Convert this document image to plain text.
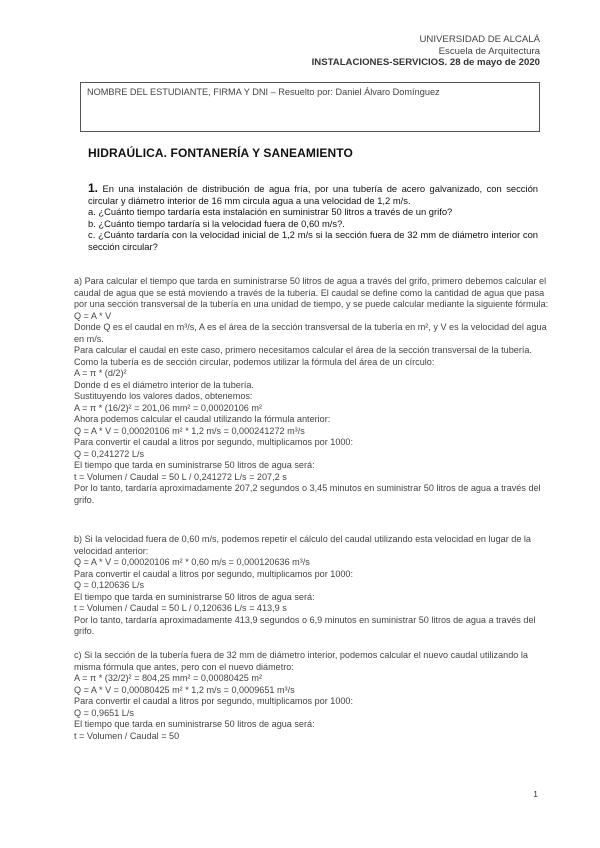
UNIVERSIDAD DE ALCALÁ
Escuela de Arquitectura
INSTALACIONES-SERVICIOS. 28 de mayo de 2020
NOMBRE DEL ESTUDIANTE, FIRMA Y DNI – Resuelto por: Daniel Álvaro Domínguez
HIDRAÚLICA. FONTANERÍA Y SANEAMIENTO

1. En una instalación de distribución de agua fría, por una tubería de acero galvanizado, con sección circular y diámetro interior de 16 mm circula agua a una velocidad de 1,2 m/s.

a. ¿Cuánto tiempo tardaría esta instalación en suministrar 50 litros a través de un grifo?

b. ¿Cuánto tiempo tardaría si la velocidad fuera de 0,60 m/s?.

c. ¿Cuánto tardaría con la velocidad inicial de 1,2 m/s si la sección fuera de 32 mm de diámetro interior con sección circular?

a) Para calcular el tiempo que tarda en suministrarse 50 litros de agua a través del grifo, primero debemos calcular el caudal de agua que se está moviendo a través de la tubería. El caudal se define como la cantidad de agua que pasa por una sección transversal de la tubería en una unidad de tiempo, y se puede calcular mediante la siguiente fórmula:

Q = A * V

Donde Q es el caudal en m³/s, A es el área de la sección transversal de la tubería en m², y V es la velocidad del agua en m/s.

Para calcular el caudal en este caso, primero necesitamos calcular el área de la sección transversal de la tubería. Como la tubería es de sección circular, podemos utilizar la fórmula del área de un círculo:

A = π * (d/2)²

Donde d es el diámetro interior de la tubería.

Sustituyendo los valores dados, obtenemos:

A = π * (16/2)² = 201,06 mm² = 0,00020106 m²

Ahora podemos calcular el caudal utilizando la fórmula anterior:

Q = A * V = 0,00020106 m² * 1,2 m/s = 0,000241272 m³/s

Para convertir el caudal a litros por segundo, multiplicamos por 1000:

Q = 0,241272 L/s

El tiempo que tarda en suministrarse 50 litros de agua será:

t = Volumen / Caudal = 50 L / 0,241272 L/s = 207,2 s

Por lo tanto, tardaría aproximadamente 207,2 segundos o 3,45 minutos en suministrar 50 litros de agua a través del grifo.

b) Si la velocidad fuera de 0,60 m/s, podemos repetir el cálculo del caudal utilizando esta velocidad en lugar de la velocidad anterior:

Q = A * V = 0,00020106 m² * 0,60 m/s = 0,000120636 m³/s

Para convertir el caudal a litros por segundo, multiplicamos por 1000:

Q = 0,120636 L/s

El tiempo que tarda en suministrarse 50 litros de agua será:

t = Volumen / Caudal = 50 L / 0,120636 L/s = 413,9 s

Por lo tanto, tardaría aproximadamente 413,9 segundos o 6,9 minutos en suministrar 50 litros de agua a través del grifo.

c) Si la sección de la tubería fuera de 32 mm de diámetro interior, podemos calcular el nuevo caudal utilizando la misma fórmula que antes, pero con el nuevo diámetro:

A = π * (32/2)² = 804,25 mm² = 0,00080425 m²

Q = A * V = 0,00080425 m² * 1,2 m/s = 0,0009651 m³/s

Para convertir el caudal a litros por segundo, multiplicamos por 1000:

Q = 0,9651 L/s

El tiempo que tarda en suministrarse 50 litros de agua será:

t = Volumen / Caudal = 50

1
